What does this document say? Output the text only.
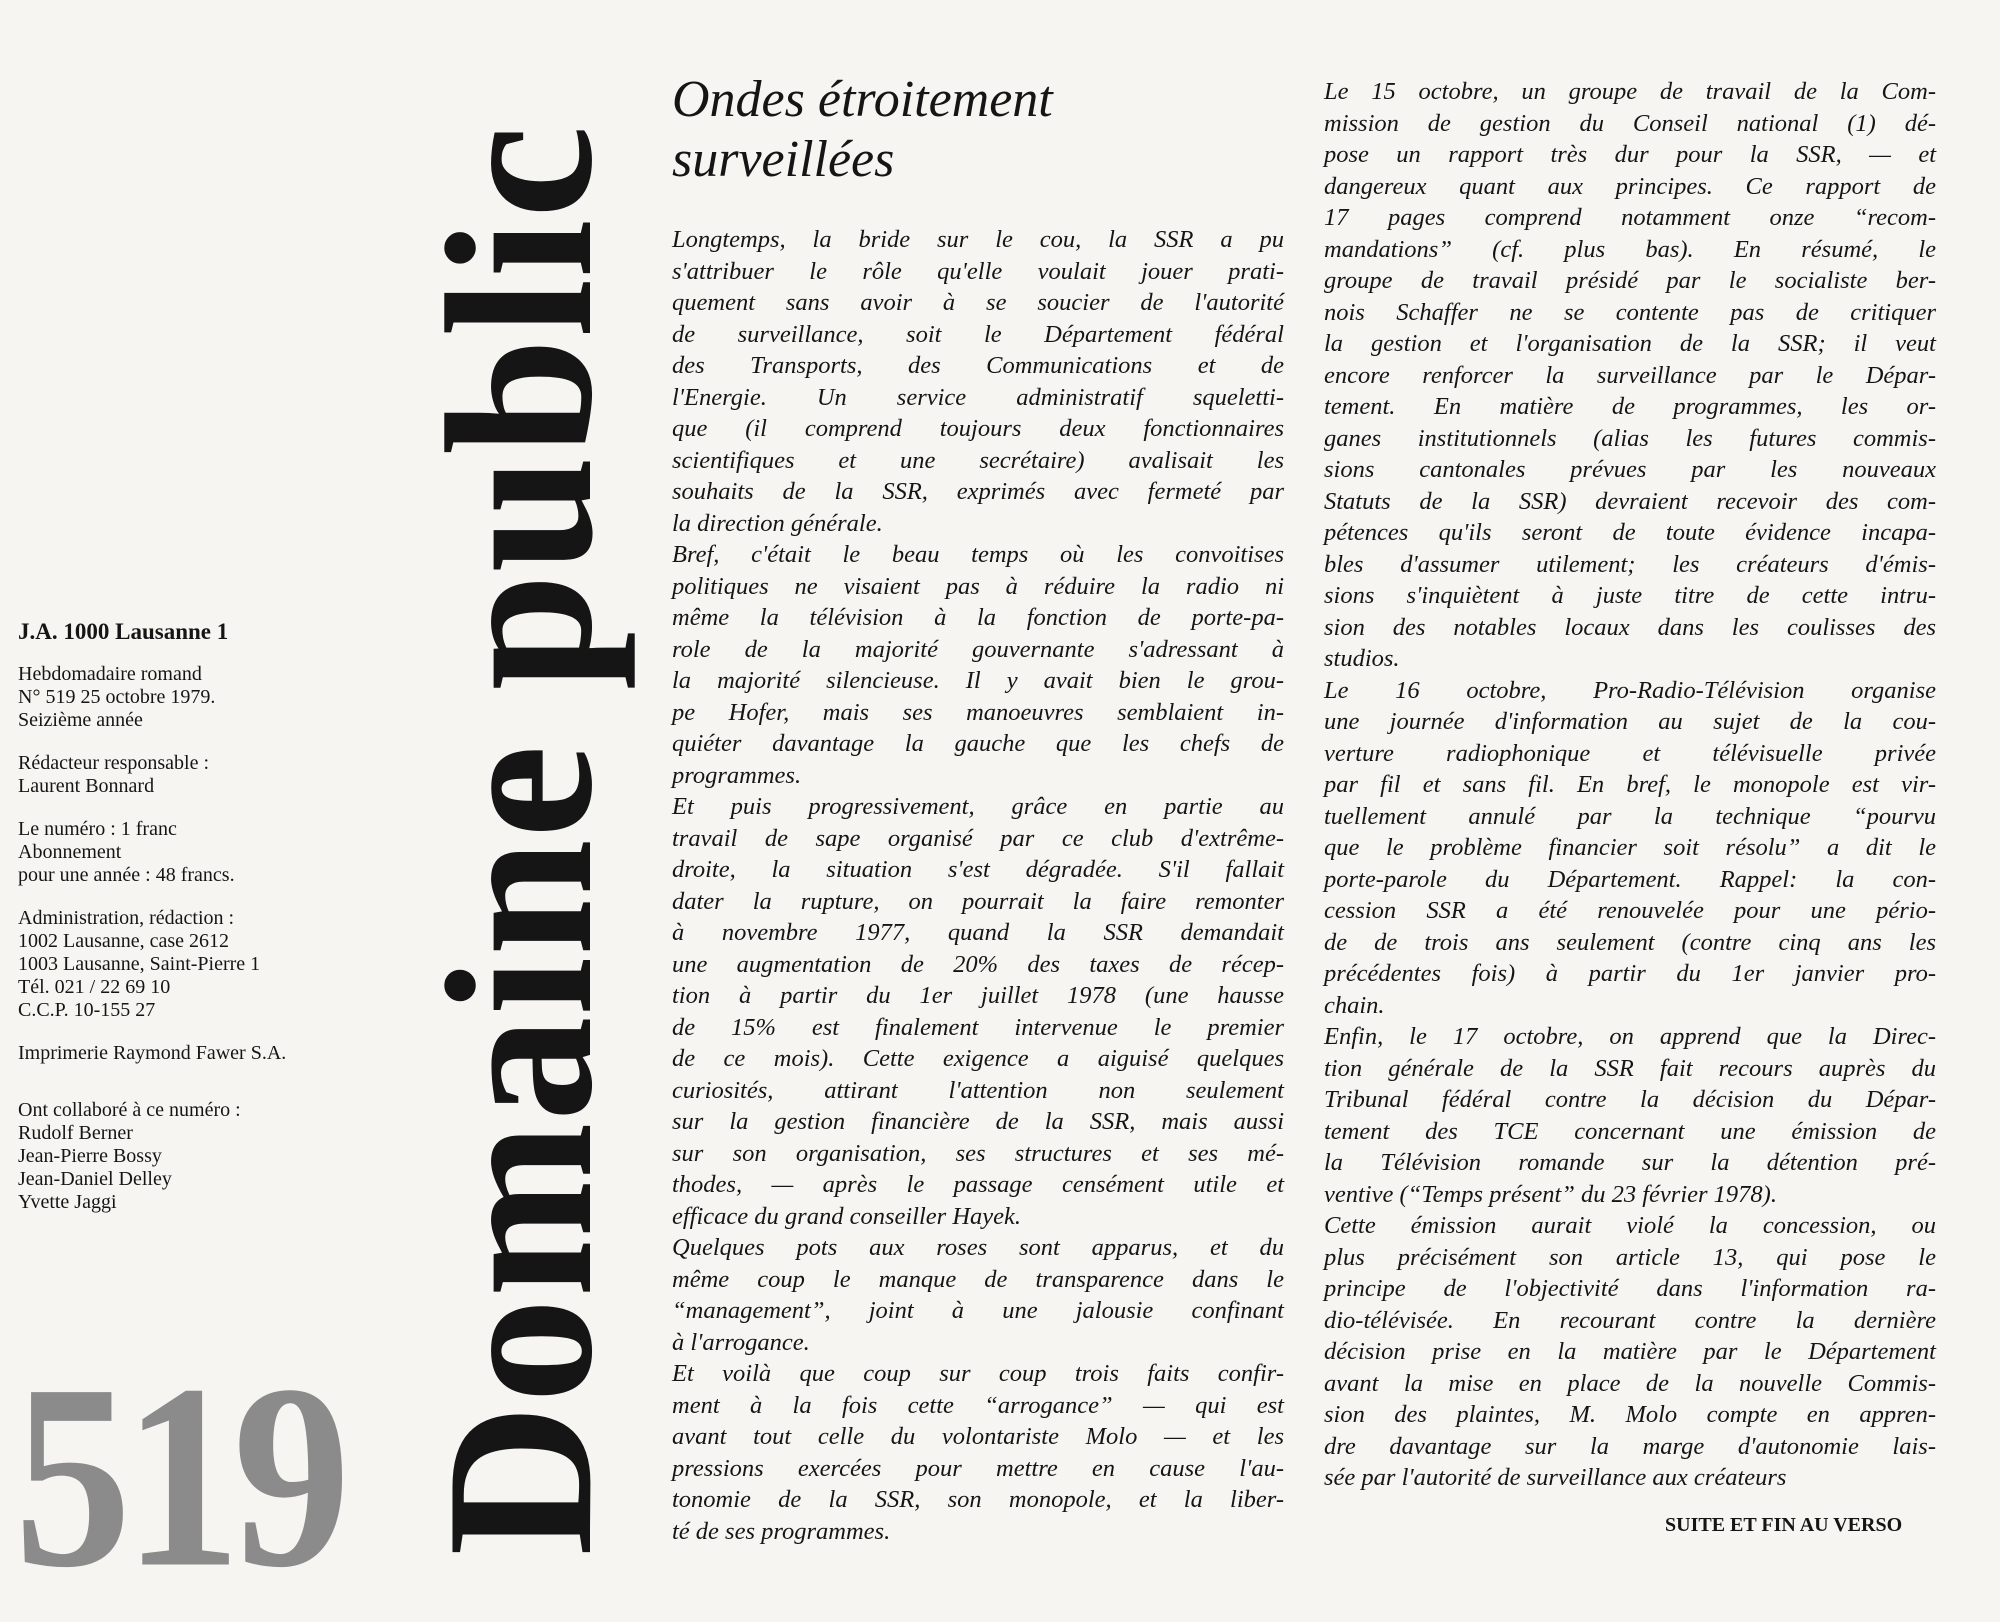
J.A. 1000 Lausanne 1
Hebdomadaire romand
N° 519 25 octobre 1979.
Seizième année
Rédacteur responsable :
Laurent Bonnard
Le numéro : 1 franc
Abonnement
pour une année : 48 francs.
Administration, rédaction :
1002 Lausanne, case 2612
1003 Lausanne, Saint-Pierre 1
Tél. 021 / 22 69 10
C.C.P. 10-155 27
Imprimerie Raymond Fawer S.A.
Ont collaboré à ce numéro :
Rudolf Berner
Jean-Pierre Bossy
Jean-Daniel Delley
Yvette Jaggi
519 Domaine public
Ondes étroitement
surveillées
Longtemps, la bride sur le cou, la SSR a pu
s'attribuer le rôle qu'elle voulait jouer prati-
quement sans avoir à se soucier de l'autorité
de surveillance, soit le Département fédéral
des Transports, des Communications et de
l'Energie. Un service administratif squeletti-
que (il comprend toujours deux fonctionnaires
scientifiques et une secrétaire) avalisait les
souhaits de la SSR, exprimés avec fermeté par
la direction générale.
Bref, c'était le beau temps où les convoitises
politiques ne visaient pas à réduire la radio ni
même la télévision à la fonction de porte-pa-
role de la majorité gouvernante s'adressant à
la majorité silencieuse. Il y avait bien le grou-
pe Hofer, mais ses manoeuvres semblaient in-
quiéter davantage la gauche que les chefs de
programmes.
Et puis progressivement, grâce en partie au
travail de sape organisé par ce club d'extrême-
droite, la situation s'est dégradée. S'il fallait
dater la rupture, on pourrait la faire remonter
à novembre 1977, quand la SSR demandait
une augmentation de 20% des taxes de récep-
tion à partir du 1er juillet 1978 (une hausse
de 15% est finalement intervenue le premier
de ce mois). Cette exigence a aiguisé quelques
curiosités, attirant l'attention non seulement
sur la gestion financière de la SSR, mais aussi
sur son organisation, ses structures et ses mé-
thodes, — après le passage censément utile et
efficace du grand conseiller Hayek.
Quelques pots aux roses sont apparus, et du
même coup le manque de transparence dans le
“management”, joint à une jalousie confinant
à l'arrogance.
Et voilà que coup sur coup trois faits confir-
ment à la fois cette “arrogance” — qui est
avant tout celle du volontariste Molo — et les
pressions exercées pour mettre en cause l'au-
tonomie de la SSR, son monopole, et la liber-
té de ses programmes.
Le 15 octobre, un groupe de travail de la Com-
mission de gestion du Conseil national (1) dé-
pose un rapport très dur pour la SSR, — et
dangereux quant aux principes. Ce rapport de
17 pages comprend notamment onze “recom-
mandations” (cf. plus bas). En résumé, le
groupe de travail présidé par le socialiste ber-
nois Schaffer ne se contente pas de critiquer
la gestion et l'organisation de la SSR; il veut
encore renforcer la surveillance par le Dépar-
tement. En matière de programmes, les or-
ganes institutionnels (alias les futures commis-
sions cantonales prévues par les nouveaux
Statuts de la SSR) devraient recevoir des com-
pétences qu'ils seront de toute évidence incapa-
bles d'assumer utilement; les créateurs d'émis-
sions s'inquiètent à juste titre de cette intru-
sion des notables locaux dans les coulisses des
studios.
Le 16 octobre, Pro-Radio-Télévision organise
une journée d'information au sujet de la cou-
verture radiophonique et télévisuelle privée
par fil et sans fil. En bref, le monopole est vir-
tuellement annulé par la technique “pourvu
que le problème financier soit résolu” a dit le
porte-parole du Département. Rappel: la con-
cession SSR a été renouvelée pour une pério-
de de trois ans seulement (contre cinq ans les
précédentes fois) à partir du 1er janvier pro-
chain.
Enfin, le 17 octobre, on apprend que la Direc-
tion générale de la SSR fait recours auprès du
Tribunal fédéral contre la décision du Dépar-
tement des TCE concernant une émission de
la Télévision romande sur la détention pré-
ventive (“Temps présent” du 23 février 1978).
Cette émission aurait violé la concession, ou
plus précisément son article 13, qui pose le
principe de l'objectivité dans l'information ra-
dio-télévisée. En recourant contre la dernière
décision prise en la matière par le Département
avant la mise en place de la nouvelle Commis-
sion des plaintes, M. Molo compte en appren-
dre davantage sur la marge d'autonomie lais-
sée par l'autorité de surveillance aux créateurs
SUITE ET FIN AU VERSO
